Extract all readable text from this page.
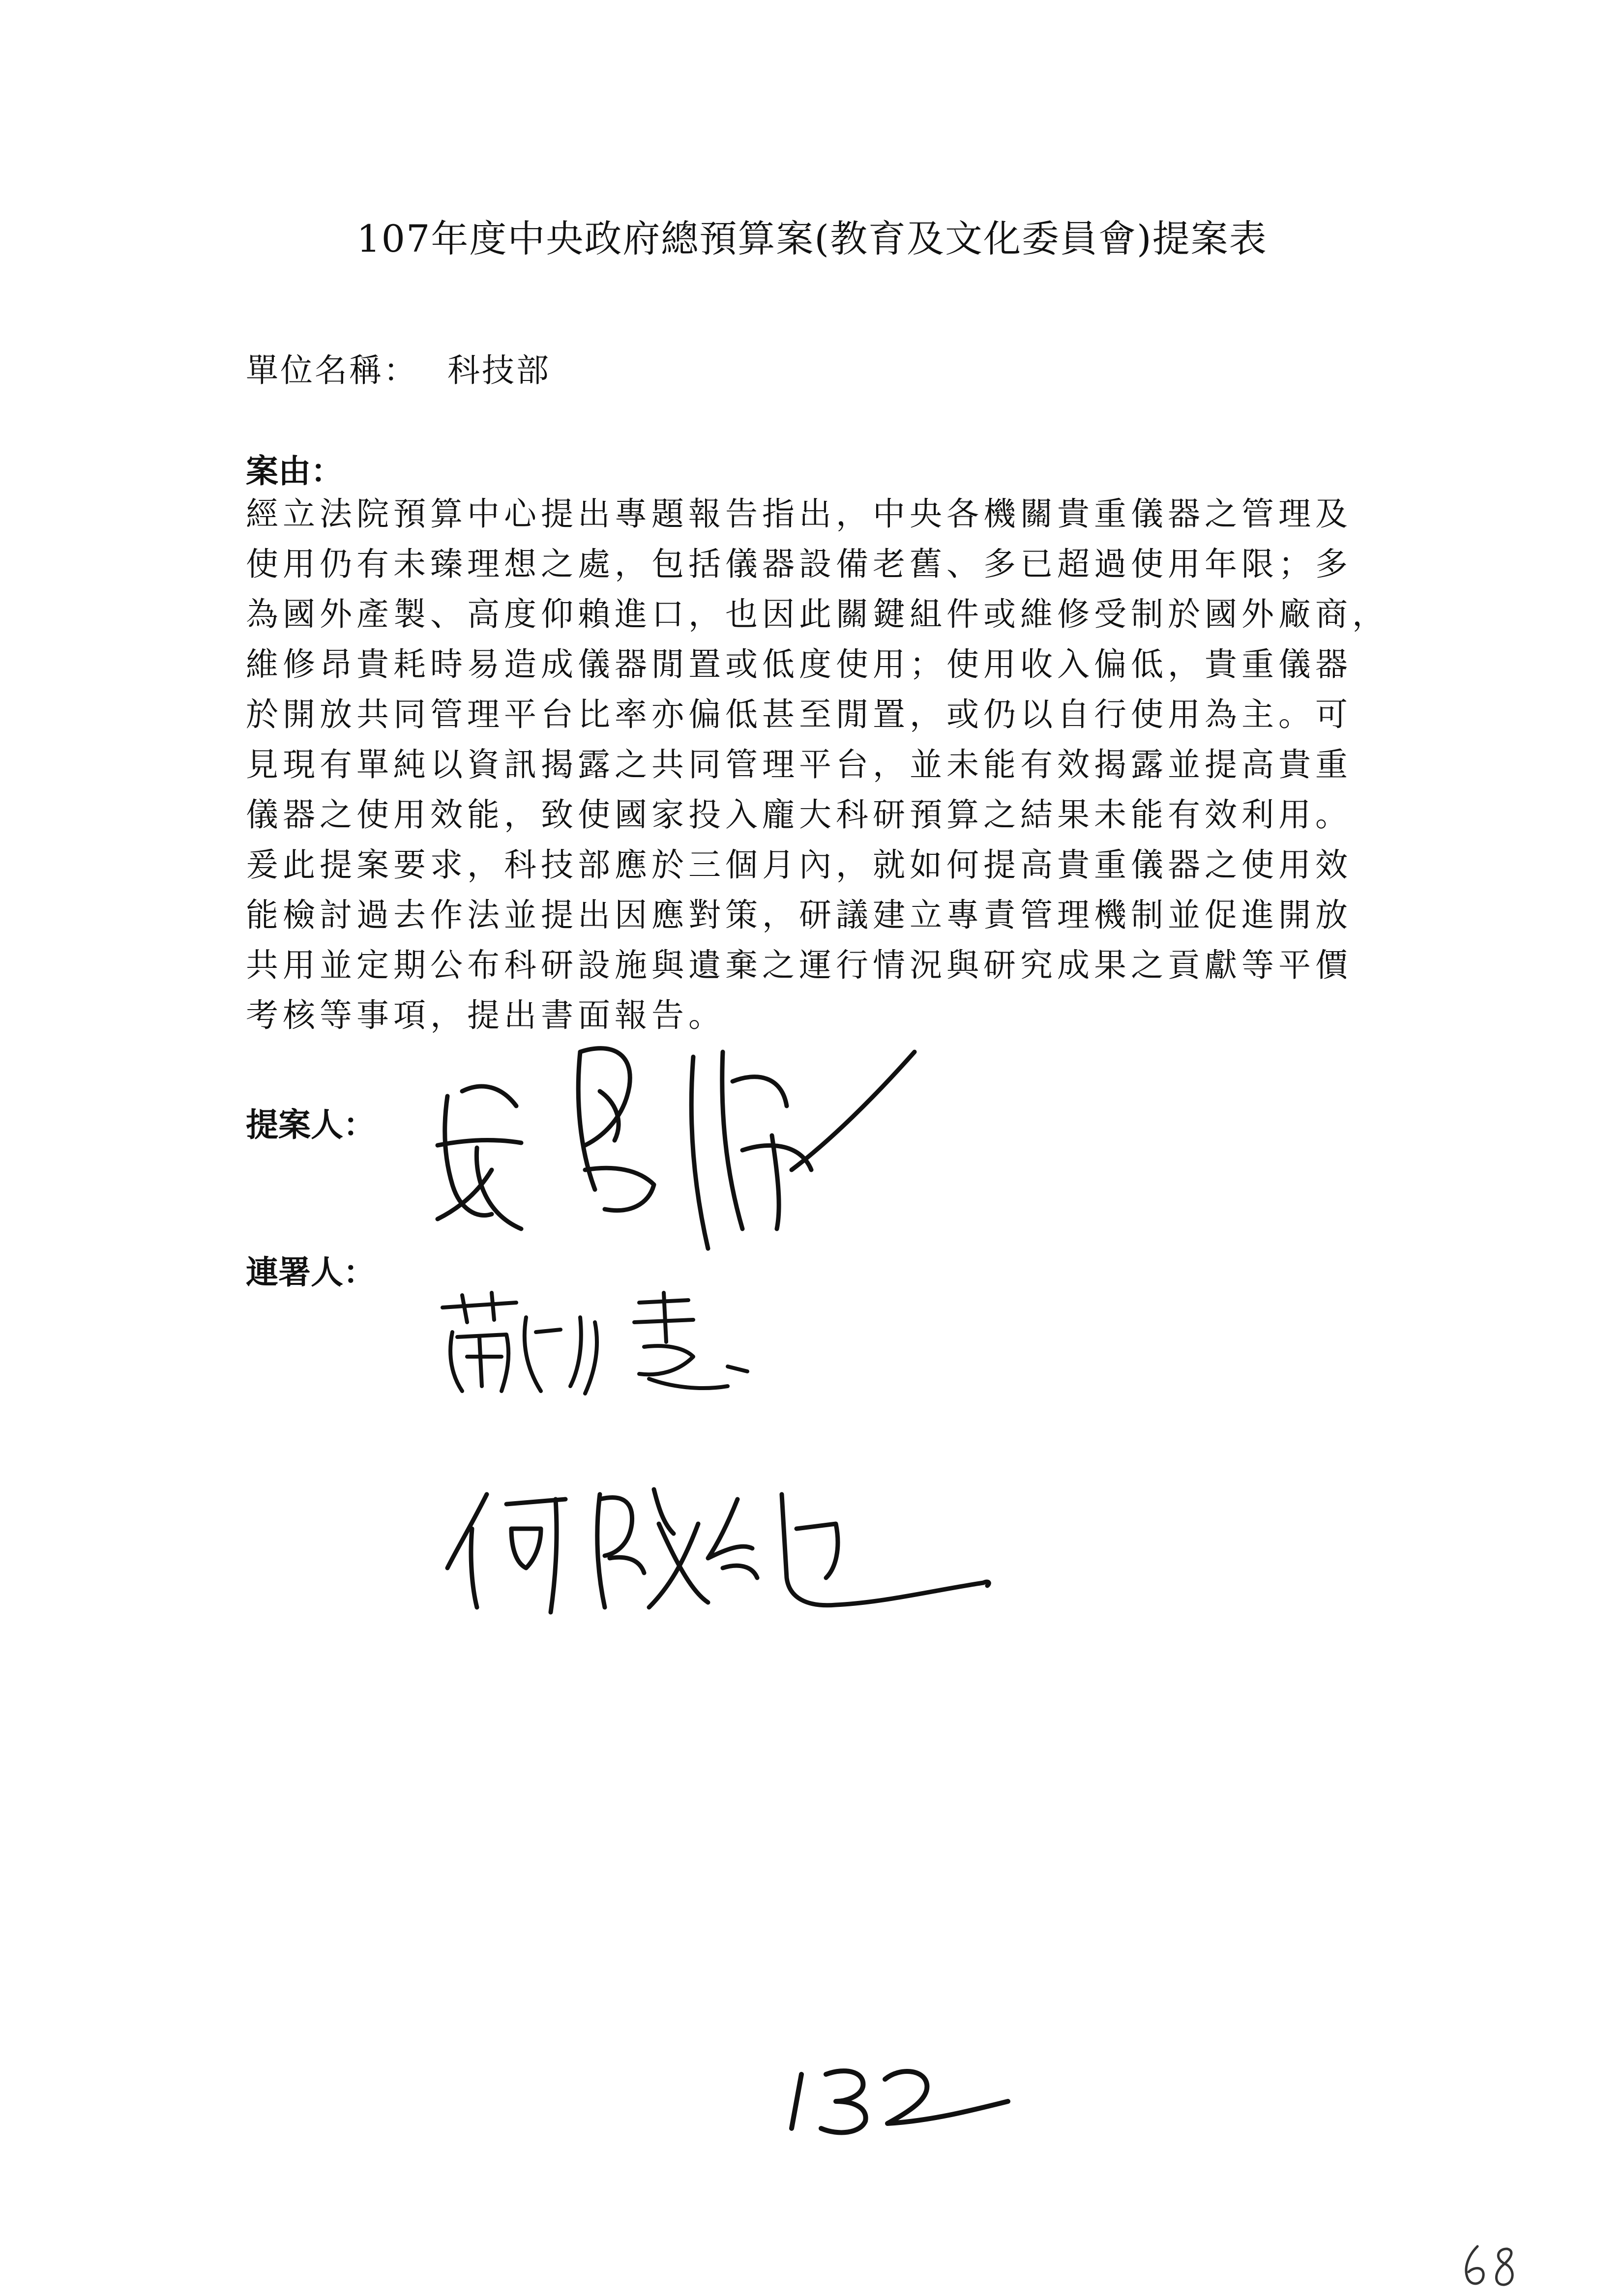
107年度中央政府總預算案(教育及文化委員會)提案表
單位名稱： 科技部
案由：
經立法院預算中心提出專題報告指出，中央各機關貴重儀器之管理及
使用仍有未臻理想之處，包括儀器設備老舊、多已超過使用年限；多
為國外產製、高度仰賴進口，也因此關鍵組件或維修受制於國外廠商，
維修昂貴耗時易造成儀器閒置或低度使用；使用收入偏低，貴重儀器
於開放共同管理平台比率亦偏低甚至閒置，或仍以自行使用為主。可
見現有單純以資訊揭露之共同管理平台，並未能有效揭露並提高貴重
儀器之使用效能，致使國家投入龐大科研預算之結果未能有效利用。
爰此提案要求，科技部應於三個月內，就如何提高貴重儀器之使用效
能檢討過去作法並提出因應對策，研議建立專責管理機制並促進開放
共用並定期公布科研設施與遺棄之運行情況與研究成果之貢獻等平價
考核等事項，提出書面報告。
提案人：
連署人：
